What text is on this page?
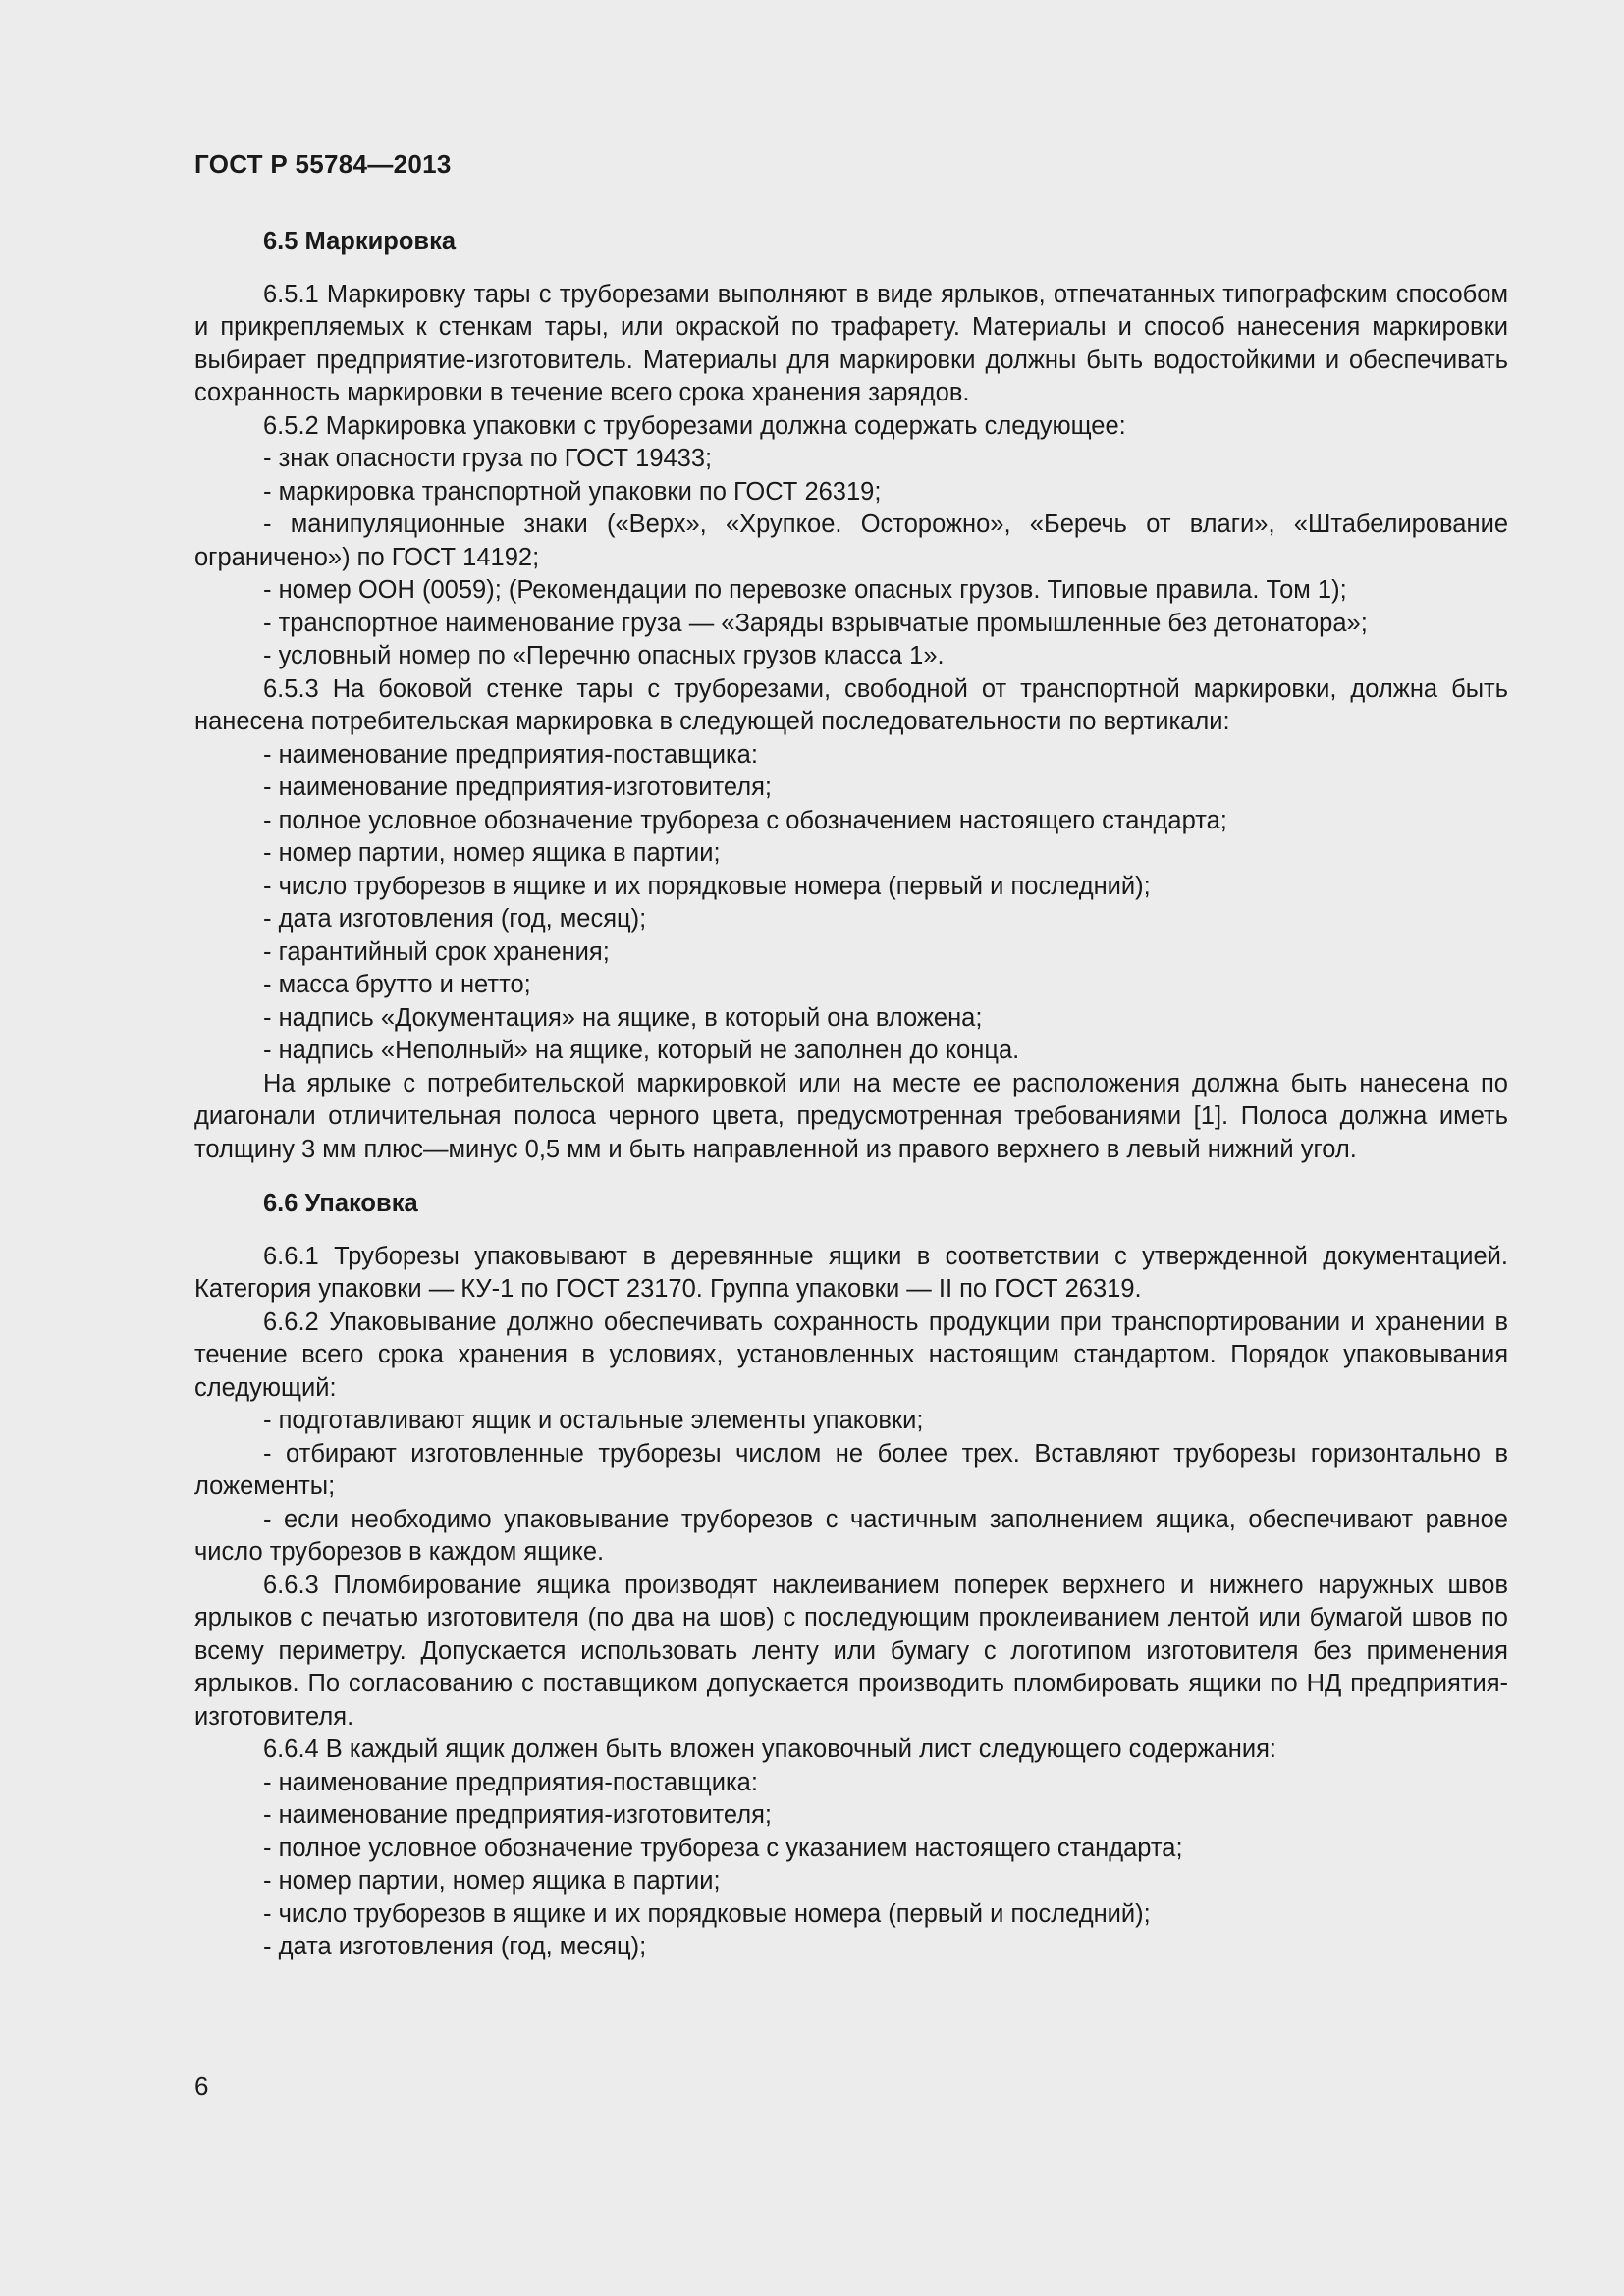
ГОСТ Р 55784—2013
6.5 Маркировка

6.5.1 Маркировку тары с труборезами выполняют в виде ярлыков, отпечатанных типографским способом и прикрепляемых к стенкам тары, или окраской по трафарету. Материалы и способ нанесения маркировки выбирает предприятие-изготовитель. Материалы для маркировки должны быть водостойкими и обеспечивать сохранность маркировки в течение всего срока хранения зарядов.

6.5.2 Маркировка упаковки с труборезами должна содержать следующее:

- знак опасности груза по ГОСТ 19433;

- маркировка транспортной упаковки по ГОСТ 26319;

- манипуляционные знаки («Верх», «Хрупкое. Осторожно», «Беречь от влаги», «Штабелирование ограничено») по ГОСТ 14192;

- номер ООН (0059); (Рекомендации по перевозке опасных грузов. Типовые правила. Том 1);

- транспортное наименование груза — «Заряды взрывчатые промышленные без детонатора»;

- условный номер по «Перечню опасных грузов класса 1».

6.5.3 На боковой стенке тары с труборезами, свободной от транспортной маркировки, должна быть нанесена потребительская маркировка в следующей последовательности по вертикали:

- наименование предприятия-поставщика:

- наименование предприятия-изготовителя;

- полное условное обозначение трубореза с обозначением настоящего стандарта;

- номер партии, номер ящика в партии;

- число труборезов в ящике и их порядковые номера (первый и последний);

- дата изготовления (год, месяц);

- гарантийный срок хранения;

- масса брутто и нетто;

- надпись «Документация» на ящике, в который она вложена;

- надпись «Неполный» на ящике, который не заполнен до конца.

На ярлыке с потребительской маркировкой или на месте ее расположения должна быть нанесена по диагонали отличительная полоса черного цвета, предусмотренная требованиями [1]. Полоса должна иметь толщину 3 мм плюс—минус 0,5 мм и быть направленной из правого верхнего в левый нижний угол.

6.6 Упаковка

6.6.1 Труборезы упаковывают в деревянные ящики в соответствии с утвержденной документацией. Категория упаковки — КУ-1 по ГОСТ 23170. Группа упаковки — II по ГОСТ 26319.

6.6.2 Упаковывание должно обеспечивать сохранность продукции при транспортировании и хранении в течение всего срока хранения в условиях, установленных настоящим стандартом. Порядок упаковывания следующий:

- подготавливают ящик и остальные элементы упаковки;

- отбирают изготовленные труборезы числом не более трех. Вставляют труборезы горизонтально в ложементы;

- если необходимо упаковывание труборезов с частичным заполнением ящика, обеспечивают равное число труборезов в каждом ящике.

6.6.3 Пломбирование ящика производят наклеиванием поперек верхнего и нижнего наружных швов ярлыков с печатью изготовителя (по два на шов) с последующим проклеиванием лентой или бумагой швов по всему периметру. Допускается использовать ленту или бумагу с логотипом изготовителя без применения ярлыков. По согласованию с поставщиком допускается производить пломбировать ящики по НД предприятия-изготовителя.

6.6.4 В каждый ящик должен быть вложен упаковочный лист следующего содержания:

- наименование предприятия-поставщика:

- наименование предприятия-изготовителя;

- полное условное обозначение трубореза с указанием настоящего стандарта;

- номер партии, номер ящика в партии;

- число труборезов в ящике и их порядковые номера (первый и последний);

- дата изготовления (год, месяц);

6
